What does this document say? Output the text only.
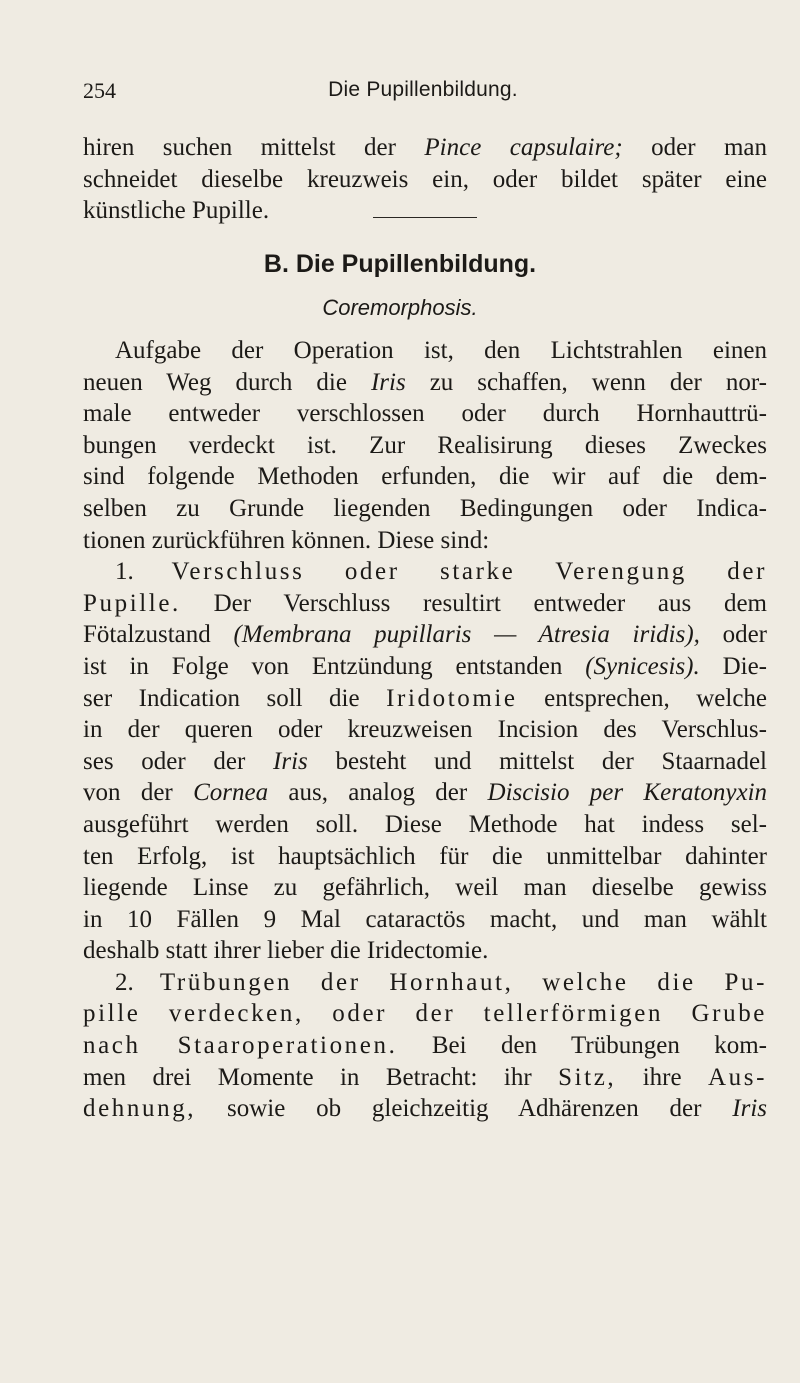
254	Die Pupillenbildung.
hiren suchen mittelst der Pince capsulaire; oder man
schneidet dieselbe kreuzweis ein, oder bildet später eine
künstliche Pupille.
B. Die Pupillenbildung.
Coremorphosis.
Aufgabe der Operation ist, den Lichtstrahlen einen
neuen Weg durch die Iris zu schaffen, wenn der nor-
male entweder verschlossen oder durch Hornhauttrü-
bungen verdeckt ist. Zur Realisirung dieses Zweckes
sind folgende Methoden erfunden, die wir auf die dem-
selben zu Grunde liegenden Bedingungen oder Indica-
tionen zurückführen können. Diese sind:
1. Verschluss oder starke Verengung der
Pupille. Der Verschluss resultirt entweder aus dem
Fötalzustand (Membrana pupillaris — Atresia iridis), oder
ist in Folge von Entzündung entstanden (Synicesis). Die-
ser Indication soll die Iridotomie entsprechen, welche
in der queren oder kreuzweisen Incision des Verschlus-
ses oder der Iris besteht und mittelst der Staarnadel
von der Cornea aus, analog der Discisio per Keratonyxin
ausgeführt werden soll. Diese Methode hat indess sel-
ten Erfolg, ist hauptsächlich für die unmittelbar dahinter
liegende Linse zu gefährlich, weil man dieselbe gewiss
in 10 Fällen 9 Mal cataractös macht, und man wählt
deshalb statt ihrer lieber die Iridectomie.
2. Trübungen der Hornhaut, welche die Pu-
pille verdecken, oder der tellerförmigen Grube
nach Staaroperationen. Bei den Trübungen kom-
men drei Momente in Betracht: ihr Sitz, ihre Aus-
dehnung, sowie ob gleichzeitig Adhärenzen der Iris
